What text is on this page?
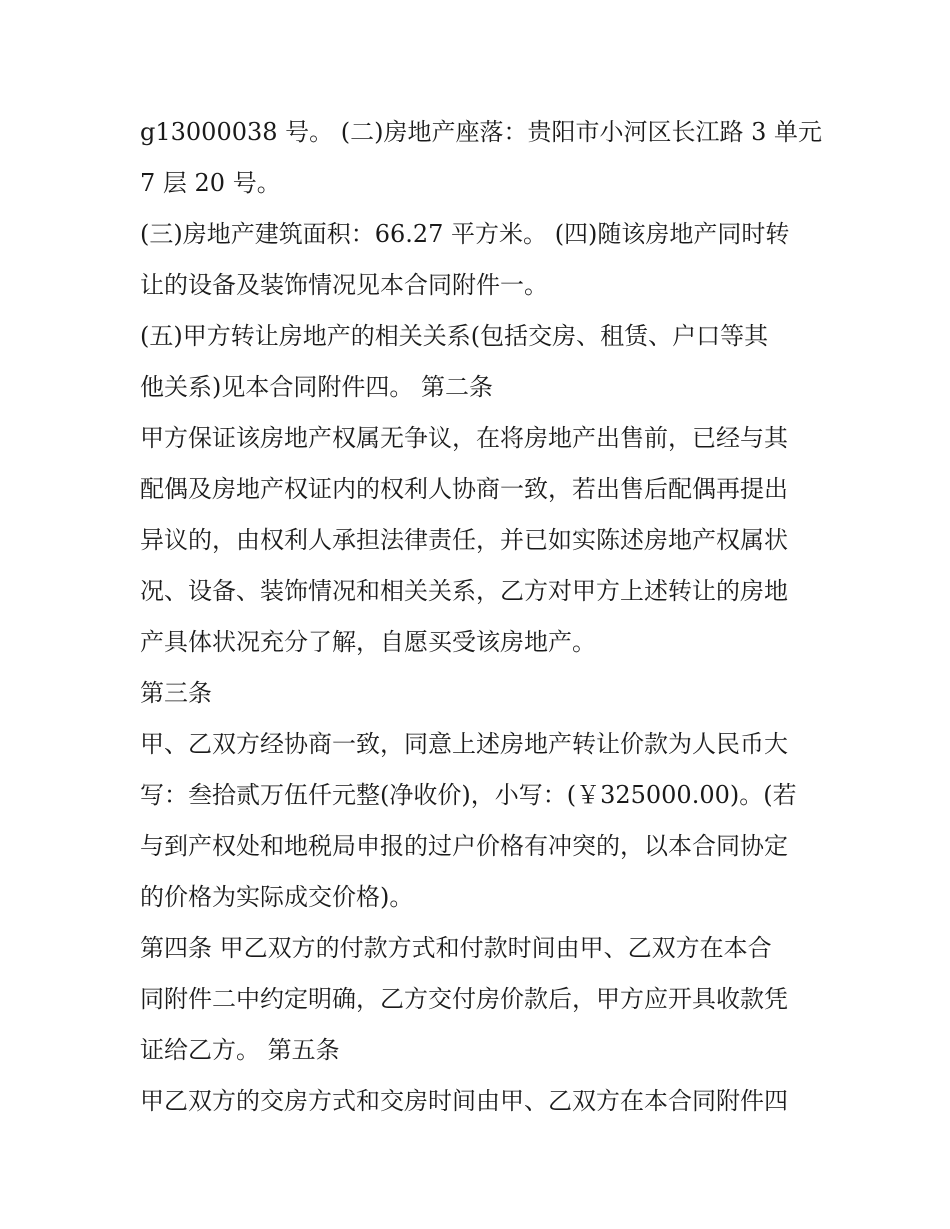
g13000038 号。 (二)房地产座落：贵阳市小河区长江路 3 单元
7 层 20 号。
(三)房地产建筑面积：66.27 平方米。 (四)随该房地产同时转
让的设备及装饰情况见本合同附件一。
(五)甲方转让房地产的相关关系(包括交房、租赁、户口等其
他关系)见本合同附件四。 第二条
甲方保证该房地产权属无争议，在将房地产出售前，已经与其
配偶及房地产权证内的权利人协商一致，若出售后配偶再提出
异议的，由权利人承担法律责任，并已如实陈述房地产权属状
况、设备、装饰情况和相关关系，乙方对甲方上述转让的房地
产具体状况充分了解，自愿买受该房地产。
第三条
甲、乙双方经协商一致，同意上述房地产转让价款为人民币大
写：叁拾贰万伍仟元整(净收价)，小写：(￥325000.00)。(若
与到产权处和地税局申报的过户价格有冲突的，以本合同协定
的价格为实际成交价格)。
第四条 甲乙双方的付款方式和付款时间由甲、乙双方在本合
同附件二中约定明确，乙方交付房价款后，甲方应开具收款凭
证给乙方。 第五条
甲乙双方的交房方式和交房时间由甲、乙双方在本合同附件四
